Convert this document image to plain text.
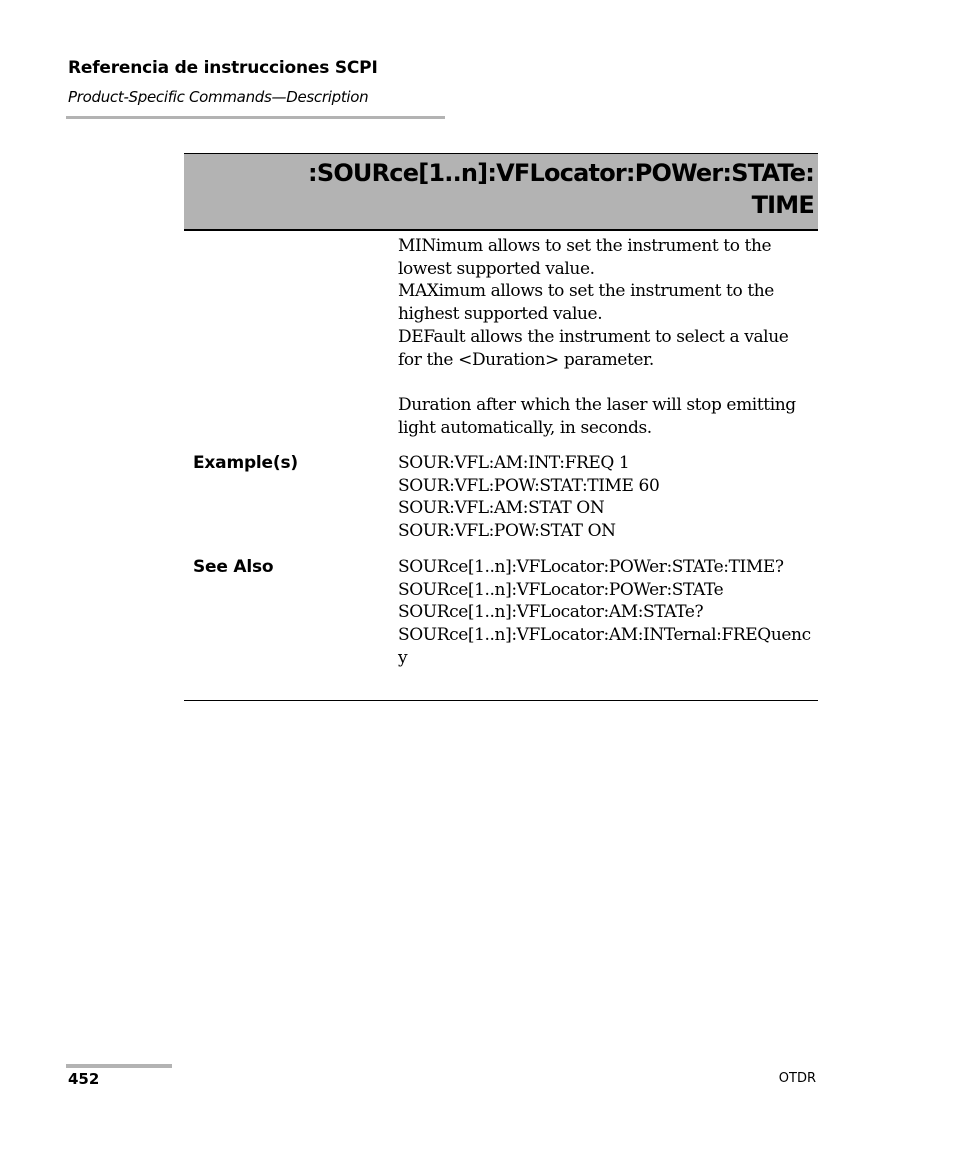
Referencia de instrucciones SCPI
Product-Specific Commands—Description
:SOURce[1..n]:VFLocator:POWer:STATe:
TIME
MINimum allows to set the instrument to the
lowest supported value.
MAXimum allows to set the instrument to the
highest supported value.
DEFault allows the instrument to select a value
for the <Duration> parameter.
Duration after which the laser will stop emitting
light automatically, in seconds.
Example(s)	SOUR:VFL:AM:INT:FREQ 1
SOUR:VFL:POW:STAT:TIME 60
SOUR:VFL:AM:STAT ON
SOUR:VFL:POW:STAT ON
See Also	SOURce[1..n]:VFLocator:POWer:STATe:TIME?
SOURce[1..n]:VFLocator:POWer:STATe
SOURce[1..n]:VFLocator:AM:STATe?
SOURce[1..n]:VFLocator:AM:INTernal:FREQuenc
y
452	OTDR
